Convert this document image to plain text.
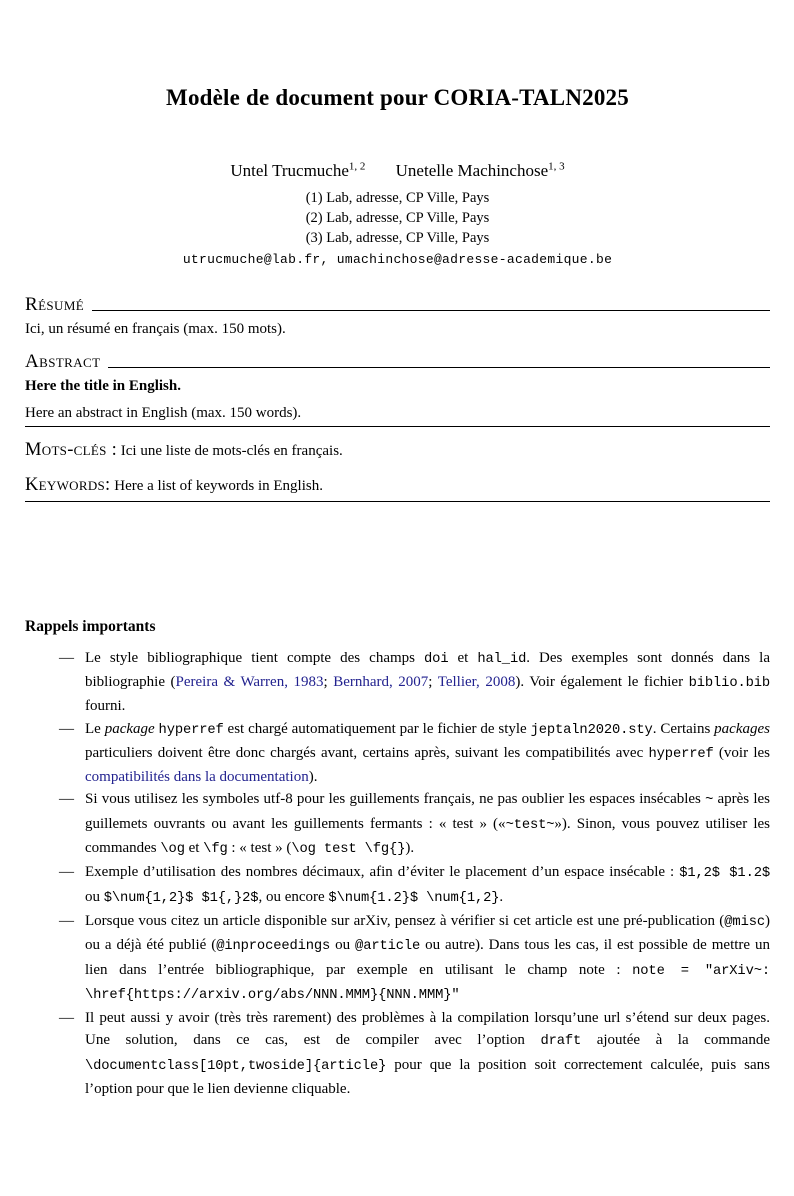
Modèle de document pour CORIA-TALN2025
Untel Trucmuche$^{1, 2}$ Unetelle Machinchose$^{1, 3}$
(1) Lab, adresse, CP Ville, Pays
(2) Lab, adresse, CP Ville, Pays
(3) Lab, adresse, CP Ville, Pays
utrucmuche@lab.fr, umachinchose@adresse-academique.be
Résumé

Ici, un résumé en français (max. 150 mots).

Abstract

Here the title in English.

Here an abstract in English (max. 150 words).

Mots-clés : Ici une liste de mots-clés en français.

Keywords: Here a list of keywords in English.

Rappels importants
— Le style bibliographique tient compte des champs doi et hal_id. Des exemples sont donnés dans la bibliographie (Pereira & Warren, 1983; Bernhard, 2007; Tellier, 2008). Voir également le fichier biblio.bib fourni.
— Le package hyperref est chargé automatiquement par le fichier de style jeptaln2020.sty. Certains packages particuliers doivent être donc chargés avant, certains après, suivant les compatibilités avec hyperref (voir les compatibilités dans la documentation).
— Si vous utilisez les symboles utf-8 pour les guillements français, ne pas oublier les espaces insécables ~ après les guillemets ouvrants ou avant les guillements fermants : « test » («~test~»). Sinon, vous pouvez utiliser les commandes \og et \fg : « test » (\og test \fg{}).
— Exemple d’utilisation des nombres décimaux, afin d’éviter le placement d’un espace insécable : $1,2$ $1.2$ ou $\num{1,2}$ $1{,}2$, ou encore $\num{1.2}$ \num{1,2}.
— Lorsque vous citez un article disponible sur arXiv, pensez à vérifier si cet article est une pré-publication (@misc) ou a déjà été publié (@inproceedings ou @article ou autre). Dans tous les cas, il est possible de mettre un lien dans l’entrée bibliographique, par exemple en utilisant le champ note : note = "arXiv~: \href{https://arxiv.org/abs/NNN.MMM}{NNN.MMM}"
— Il peut aussi y avoir (très très rarement) des problèmes à la compilation lorsqu’une url s’étend sur deux pages. Une solution, dans ce cas, est de compiler avec l’option draft ajoutée à la commande \documentclass[10pt,twoside]{article} pour que la position soit correctement calculée, puis sans l’option pour que le lien devienne cliquable.
